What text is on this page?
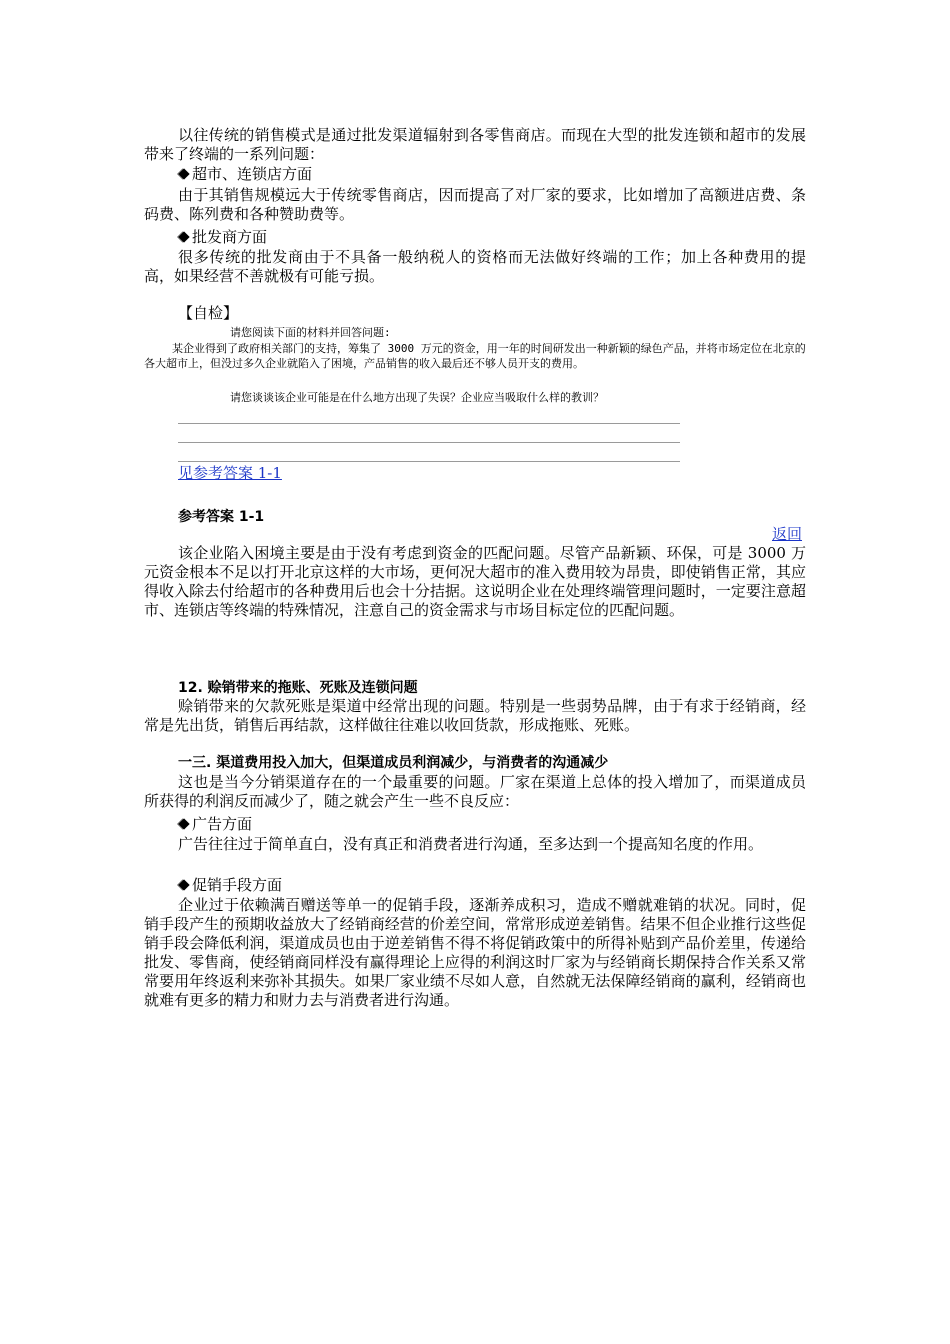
以往传统的销售模式是通过批发渠道辐射到各零售商店。而现在大型的批发连锁和超市的发展带来了终端的一系列问题：

超市、连锁店方面

由于其销售规模远大于传统零售商店，因而提高了对厂家的要求，比如增加了高额进店费、条码费、陈列费和各种赞助费等。

批发商方面

很多传统的批发商由于不具备一般纳税人的资格而无法做好终端的工作；加上各种费用的提高，如果经营不善就极有可能亏损。

【自检】
请您阅读下面的材料并回答问题:
某企业得到了政府相关部门的支持，筹集了 3000 万元的资金，用一年的时间研发出一种新颖的绿色产品，并将市场定位在北京的各大超市上，但没过多久企业就陷入了困境，产品销售的收入最后还不够人员开支的费用。
请您谈谈该企业可能是在什么地方出现了失误？企业应当吸取什么样的教训？
见参考答案 1-1
参考答案 1-1
返回

该企业陷入困境主要是由于没有考虑到资金的匹配问题。尽管产品新颖、环保，可是 3000 万元资金根本不足以打开北京这样的大市场，更何况大超市的准入费用较为昂贵，即使销售正常，其应得收入除去付给超市的各种费用后也会十分拮据。这说明企业在处理终端管理问题时，一定要注意超市、连锁店等终端的特殊情况，注意自己的资金需求与市场目标定位的匹配问题。

12. 赊销带来的拖账、死账及连锁问题

赊销带来的欠款死账是渠道中经常出现的问题。特别是一些弱势品牌，由于有求于经销商，经常是先出货，销售后再结款，这样做往往难以收回货款，形成拖账、死账。

一三. 渠道费用投入加大，但渠道成员利润减少，与消费者的沟通减少

这也是当今分销渠道存在的一个最重要的问题。厂家在渠道上总体的投入增加了，而渠道成员所获得的利润反而减少了，随之就会产生一些不良反应：

广告方面

广告往往过于简单直白，没有真正和消费者进行沟通，至多达到一个提高知名度的作用。

促销手段方面

企业过于依赖满百赠送等单一的促销手段，逐渐养成积习，造成不赠就难销的状况。同时，促销手段产生的预期收益放大了经销商经营的价差空间，常常形成逆差销售。结果不但企业推行这些促销手段会降低利润，渠道成员也由于逆差销售不得不将促销政策中的所得补贴到产品价差里，传递给批发、零售商，使经销商同样没有赢得理论上应得的利润这时厂家为与经销商长期保持合作关系又常常要用年终返利来弥补其损失。如果厂家业绩不尽如人意，自然就无法保障经销商的赢利，经销商也就难有更多的精力和财力去与消费者进行沟通。
